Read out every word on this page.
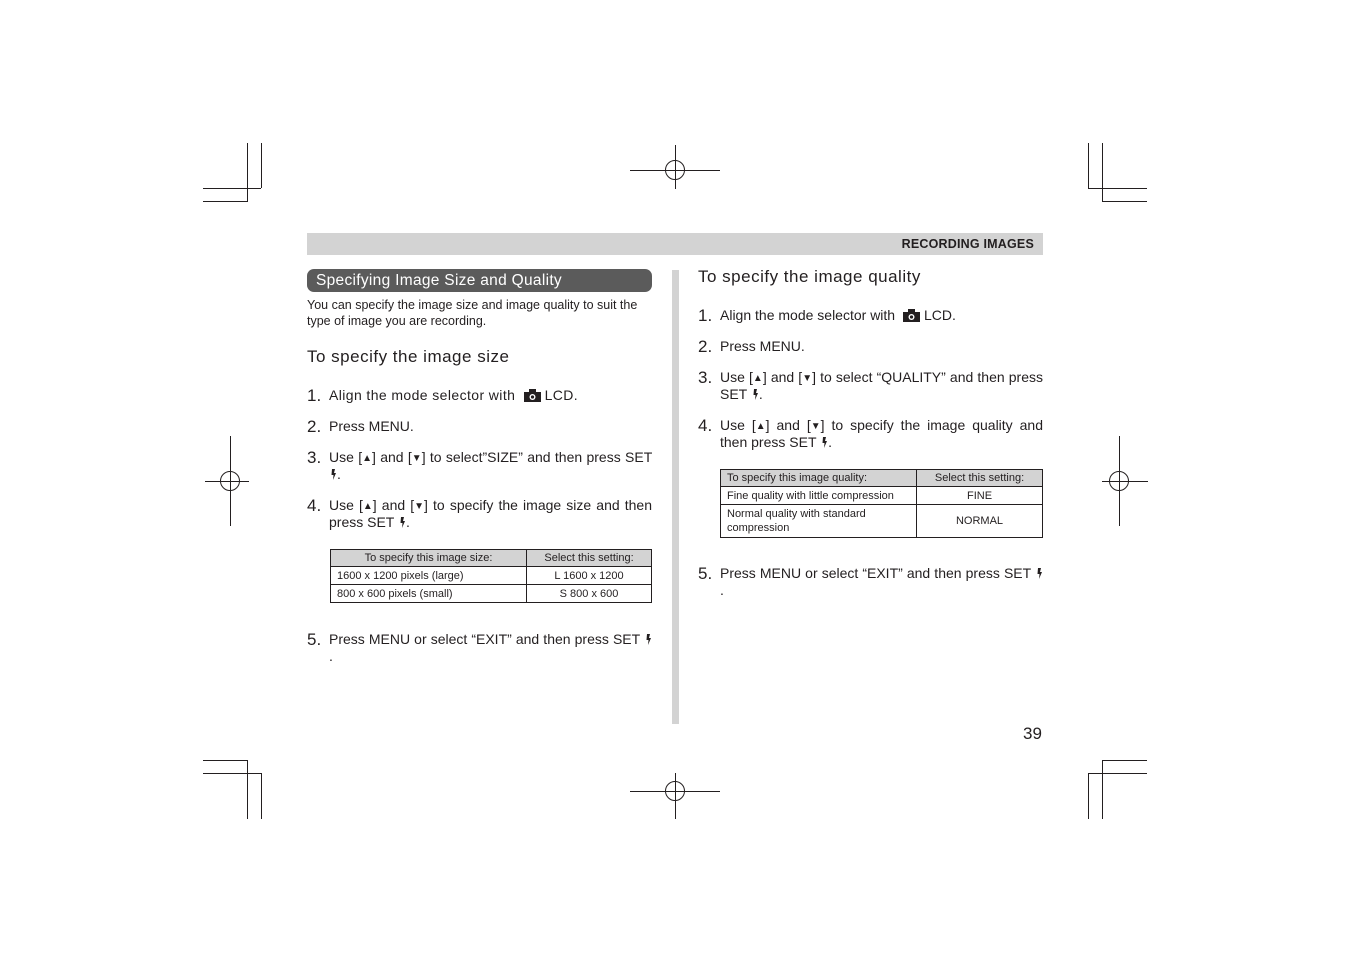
RECORDING IMAGES
Specifying Image Size and Quality
You can specify the image size and image quality to suit the type of image you are recording.
To specify the image size
1. Align the mode selector with LCD.
2. Press MENU.
3. Use [▲] and [▼] to select”SIZE” and then press SET .
4. Use [▲] and [▼] to specify the image size and then press SET .
To specify this image size:	Select this setting:
1600 x 1200 pixels (large)	L 1600 x 1200
800 x 600 pixels (small)	S 800 x 600
5. Press MENU or select “EXIT” and then press SET .
To specify the image quality
1. Align the mode selector with LCD.
2. Press MENU.
3. Use [▲] and [▼] to select “QUALITY” and then press SET .
4. Use [▲] and [▼] to specify the image quality and then press SET .
To specify this image quality:	Select this setting:
Fine quality with little compression	FINE
Normal quality with standard compression	NORMAL
5. Press MENU or select “EXIT” and then press SET .
39
